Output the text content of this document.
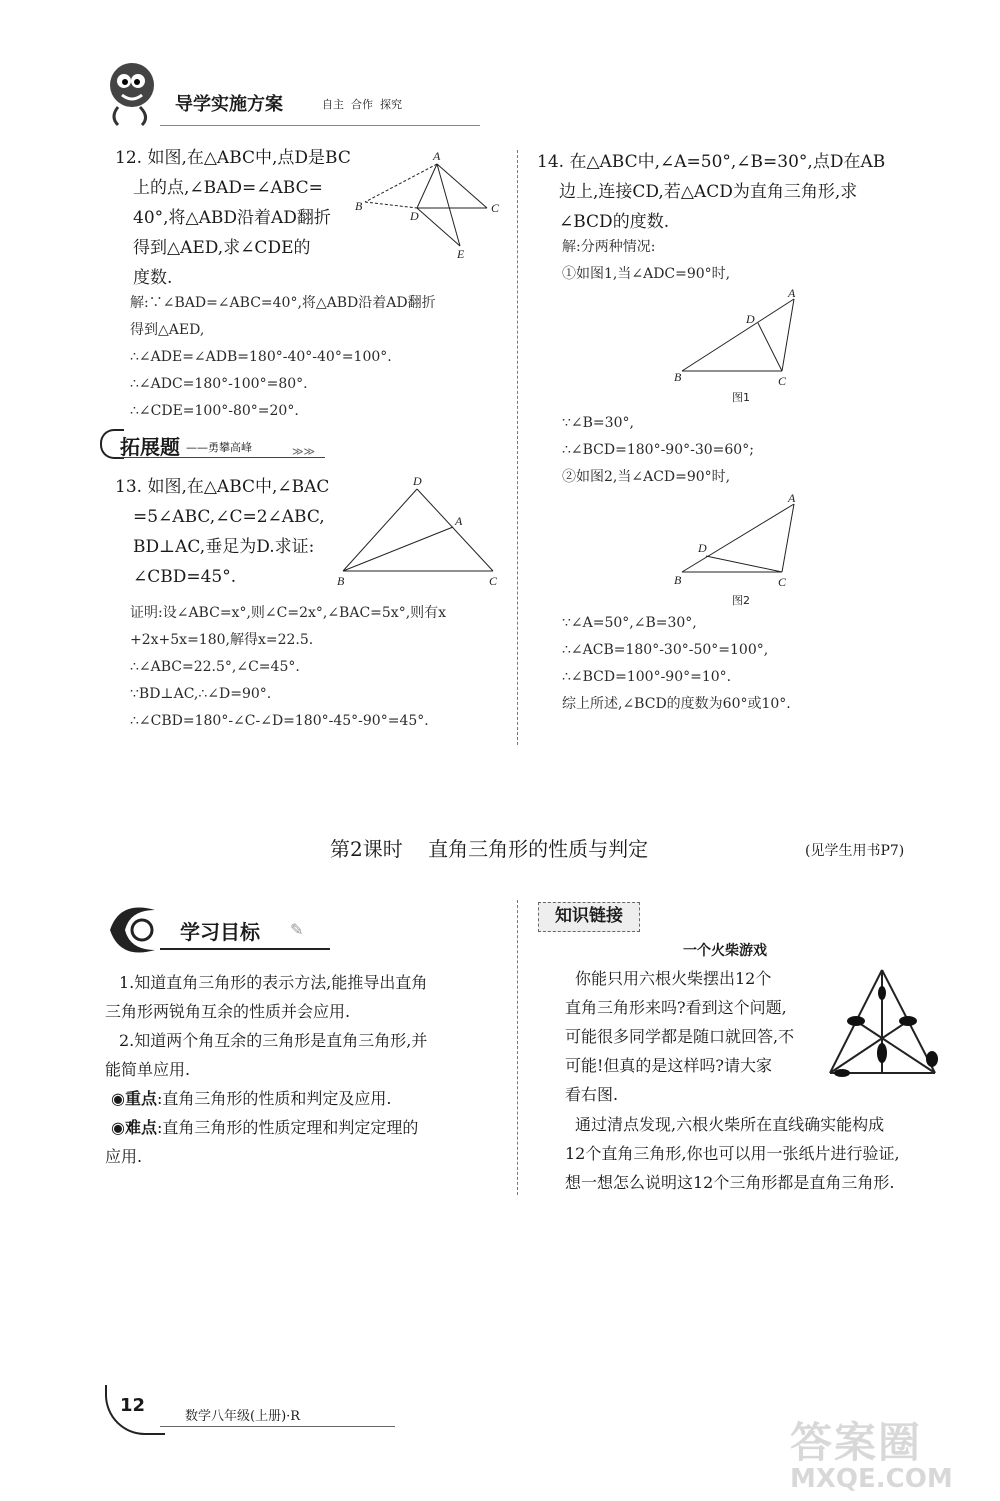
导学实施方案	自主  合作  探究
12. 如图,在△ABC中,点D是BC
上的点,∠BAD=∠ABC=
40°,将△ABD沿着AD翻折
得到△AED,求∠CDE的
度数.
A
B	C
D
E
解:∵∠BAD=∠ABC=40°,将△ABD沿着AD翻折
得到△AED,
∴∠ADE=∠ADB=180°-40°-40°=100°.
∴∠ADC=180°-100°=80°.
∴∠CDE=100°-80°=20°.
拓展题 ——勇攀高峰	≫≫
13. 如图,在△ABC中,∠BAC
=5∠ABC,∠C=2∠ABC,
BD⊥AC,垂足为D.求证:
∠CBD=45°.
D
A
B	C
证明:设∠ABC=x°,则∠C=2x°,∠BAC=5x°,则有x
+2x+5x=180,解得x=22.5.
∴∠ABC=22.5°,∠C=45°.
∵BD⊥AC,∴∠D=90°.
∴∠CBD=180°-∠C-∠D=180°-45°-90°=45°.
14. 在△ABC中,∠A=50°,∠B=30°,点D在AB
边上,连接CD,若△ACD为直角三角形,求
∠BCD的度数.
解:分两种情况:
①如图1,当∠ADC=90°时,
A
D
B	C
图1
∵∠B=30°,
∴∠BCD=180°-90°-30=60°;
②如图2,当∠ACD=90°时,
A
D
B	C
图2
∵∠A=50°,∠B=30°,
∴∠ACB=180°-30°-50°=100°,
∴∠BCD=100°-90°=10°.
综上所述,∠BCD的度数为60°或10°.
第2课时    直角三角形的性质与判定	(见学生用书P7)
学习目标 ✎
1.知道直角三角形的表示方法,能推导出直角
三角形两锐角互余的性质并会应用.
2.知道两个角互余的三角形是直角三角形,并
能简单应用.
◉重点:直角三角形的性质和判定及应用.
◉难点:直角三角形的性质定理和判定定理的
应用.
知识链接
一个火柴游戏
你能只用六根火柴摆出12个
直角三角形来吗?看到这个问题,
可能很多同学都是随口就回答,不
可能!但真的是这样吗?请大家
看右图.
通过清点发现,六根火柴所在直线确实能构成
12个直角三角形,你也可以用一张纸片进行验证,
想一想怎么说明这12个三角形都是直角三角形.
12
数学八年级(上册)·R
答案圈
MXQE.COM
